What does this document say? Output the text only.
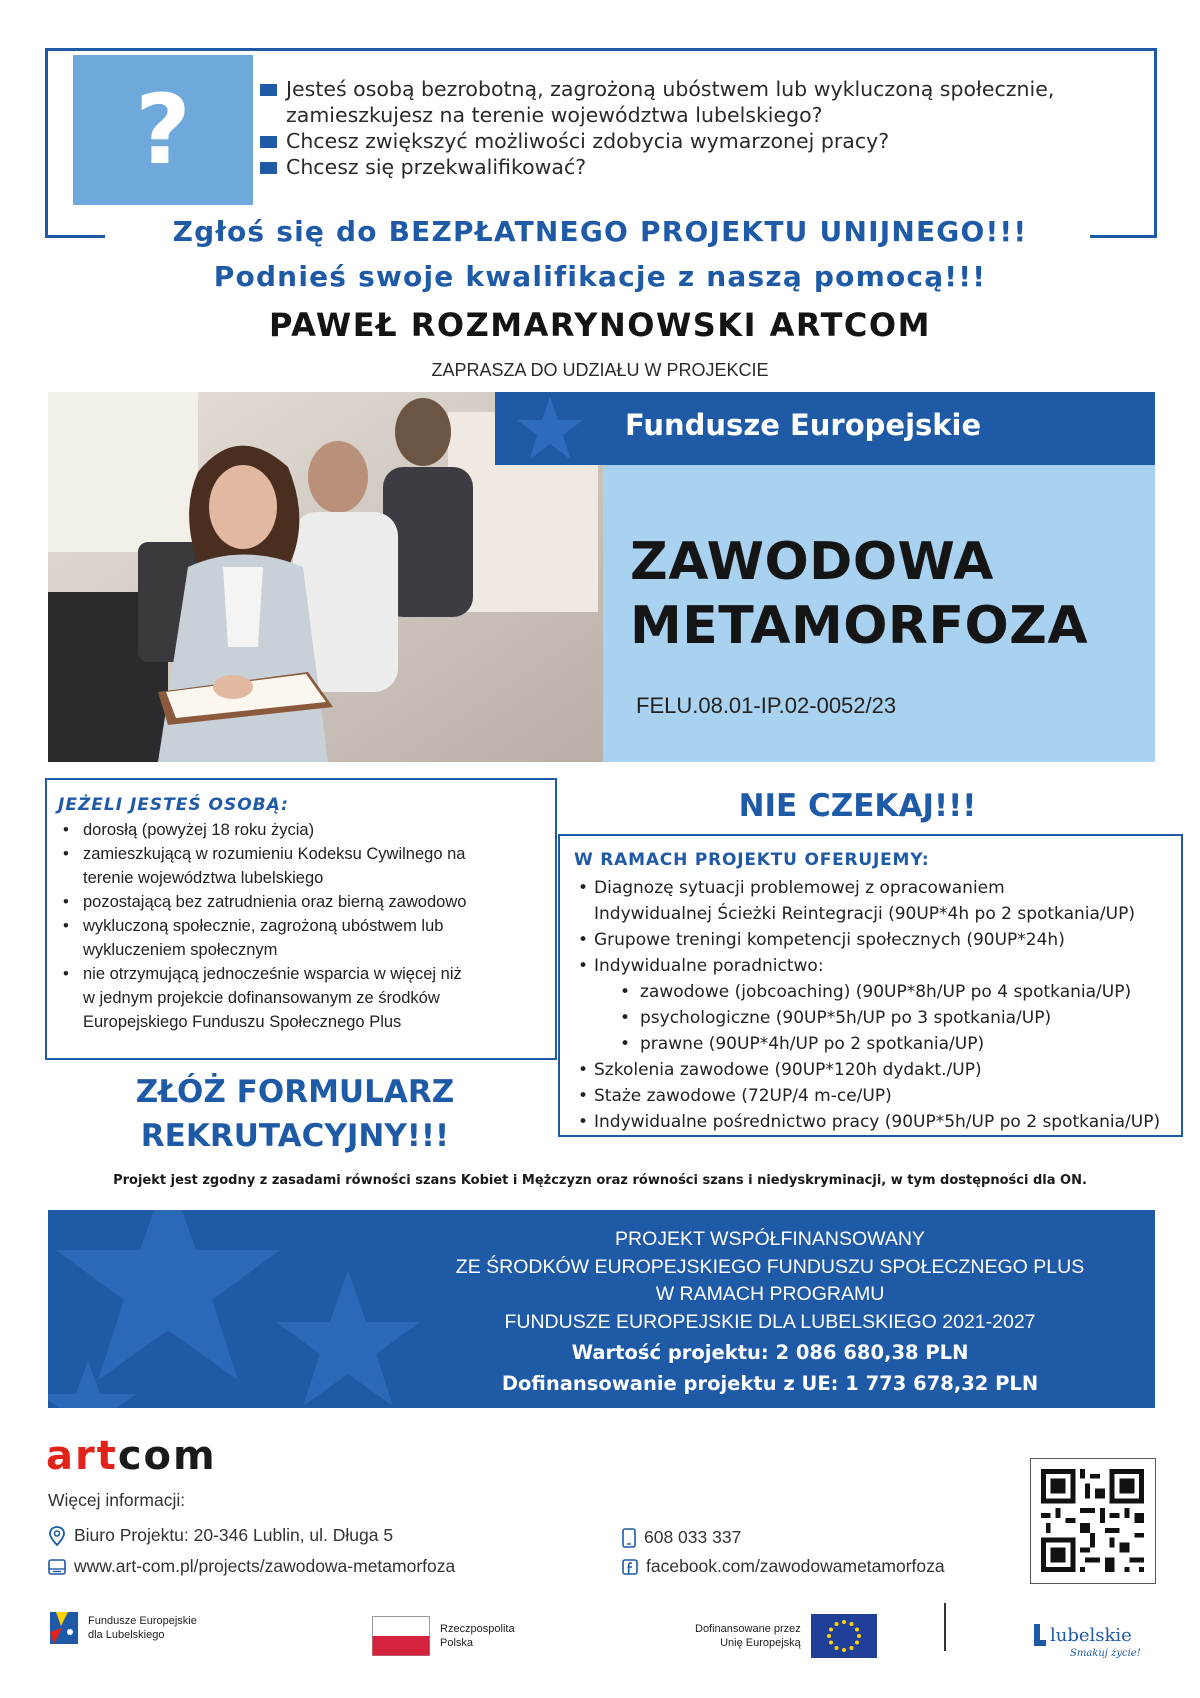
?	Jesteś osobą bezrobotną, zagrożoną ubóstwem lub wykluczoną społecznie,
zamieszkujesz na terenie województwa lubelskiego?
Chcesz zwiększyć możliwości zdobycia wymarzonej pracy?
Chcesz się przekwalifikować?
Zgłoś się do BEZPŁATNEGO PROJEKTU UNIJNEGO!!!
Podnieś swoje kwalifikacje z naszą pomocą!!!
PAWEŁ ROZMARYNOWSKI ARTCOM
ZAPRASZA DO UDZIAŁU W PROJEKCIE
Fundusze Europejskie
ZAWODOWA
METAMORFOZA
FELU.08.01-IP.02-0052/23
JEŻELI JESTEŚ OSOBĄ:
• dorosłą (powyżej 18 roku życia)
• zamieszkującą w rozumieniu Kodeksu Cywilnego na
terenie województwa lubelskiego
• pozostającą bez zatrudnienia oraz bierną zawodowo
• wykluczoną społecznie, zagrożoną ubóstwem lub
wykluczeniem społecznym
• nie otrzymującą jednocześnie wsparcia w więcej niż
w jednym projekcie dofinansowanym ze środków
Europejskiego Funduszu Społecznego Plus
NIE CZEKAJ!!!
W RAMACH PROJEKTU OFERUJEMY:
• Diagnozę sytuacji problemowej z opracowaniem
Indywidualnej Ścieżki Reintegracji (90UP*4h po 2 spotkania/UP)
• Grupowe treningi kompetencji społecznych (90UP*24h)
• Indywidualne poradnictwo:
• zawodowe (jobcoaching) (90UP*8h/UP po 4 spotkania/UP)
• psychologiczne (90UP*5h/UP po 3 spotkania/UP)
• prawne (90UP*4h/UP po 2 spotkania/UP)
• Szkolenia zawodowe (90UP*120h dydakt./UP)
• Staże zawodowe (72UP/4 m-ce/UP)
• Indywidualne pośrednictwo pracy (90UP*5h/UP po 2 spotkania/UP)
ZŁÓŻ FORMULARZ
REKRUTACYJNY!!!
Projekt jest zgodny z zasadami równości szans Kobiet i Mężczyzn oraz równości szans i niedyskryminacji, w tym dostępności dla ON.
PROJEKT WSPÓŁFINANSOWANY
ZE ŚRODKÓW EUROPEJSKIEGO FUNDUSZU SPOŁECZNEGO PLUS
W RAMACH PROGRAMU
FUNDUSZE EUROPEJSKIE DLA LUBELSKIEGO 2021-2027
Wartość projektu: 2 086 680,38 PLN
Dofinansowanie projektu z UE: 1 773 678,32 PLN
artcom
Więcej informacji:
Biuro Projektu: 20-346 Lublin, ul. Długa 5
www.art-com.pl/projects/zawodowa-metamorfoza
608 033 337
facebook.com/zawodowametamorfoza
Fundusze Europejskie
dla Lubelskiego	Rzeczpospolita
Polska
Dofinansowane przez
Unię Europejską	lubelskie
Smakuj życie!
